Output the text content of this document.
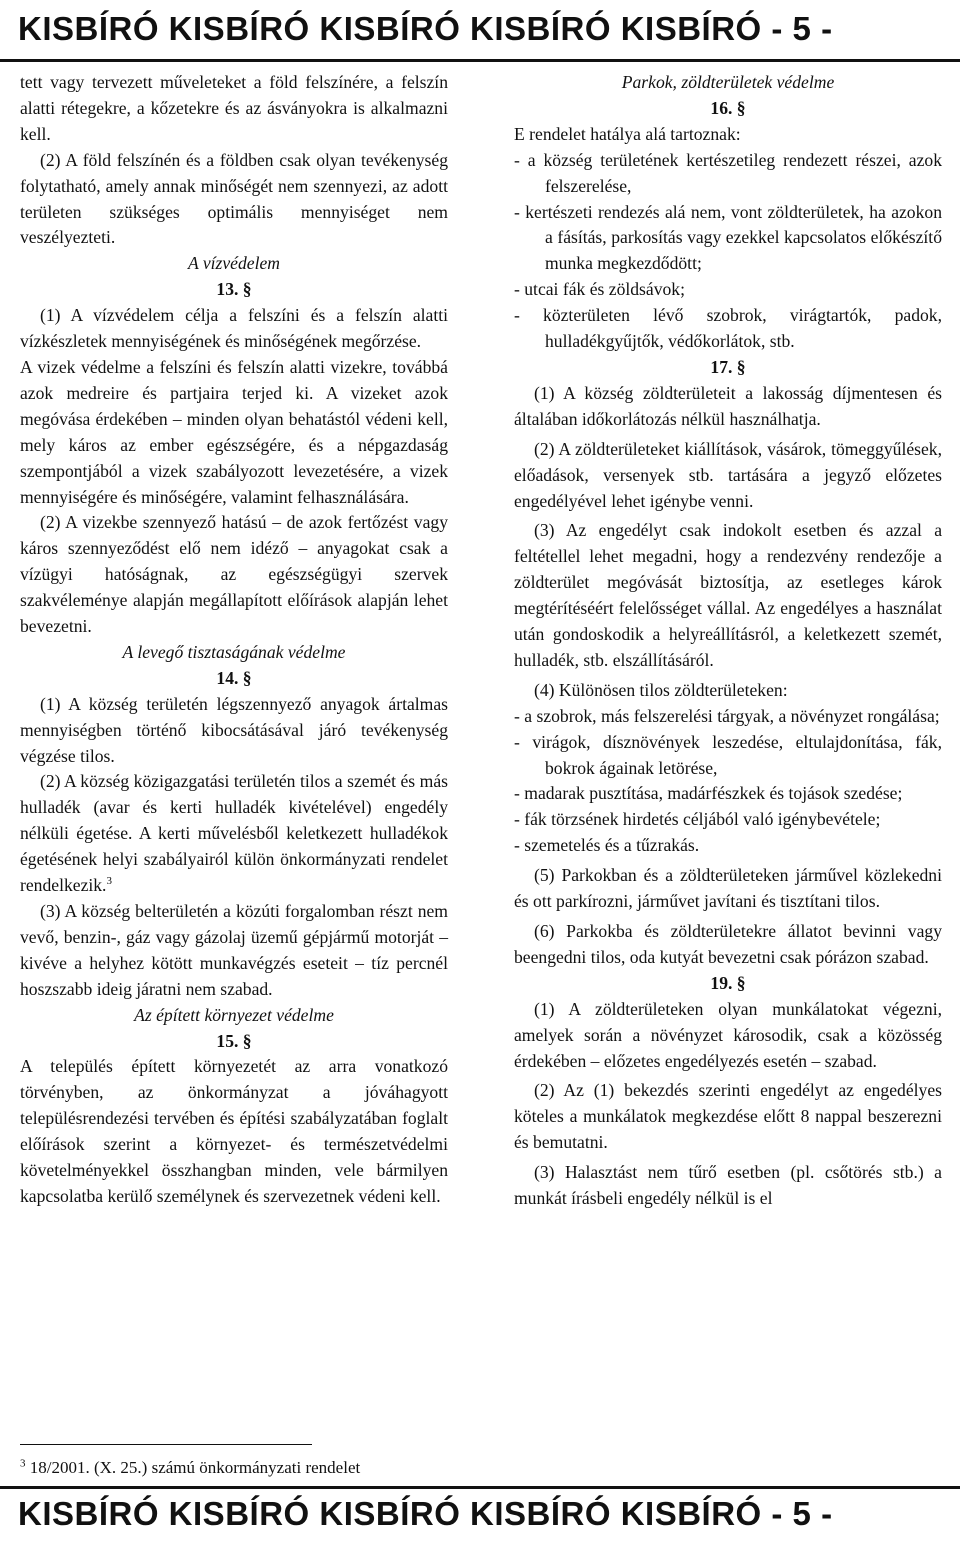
KISBÍRÓ KISBÍRÓ KISBÍRÓ KISBÍRÓ KISBÍRÓ - 5 -

tett vagy tervezett műveleteket a föld felszínére, a felszín alatti rétegekre, a kőzetekre és az ásványokra is alkalmazni kell.

(2) A föld felszínén és a földben csak olyan tevékenység folytatható, amely annak minőségét nem szennyezi, az adott területen szükséges optimális mennyiséget nem veszélyezteti.

A vízvédelem

13. §

(1) A vízvédelem célja a felszíni és a felszín alatti vízkészletek mennyiségének és minőségének megőrzése.

A vizek védelme a felszíni és felszín alatti vizekre, továbbá azok medreire és partjaira terjed ki. A vizeket azok megóvása érdekében – minden olyan behatástól védeni kell, mely káros az ember egészségére, és a népgazdaság szempontjából a vizek szabályozott levezetésére, a vizek mennyiségére és minőségére, valamint felhasználására.

(2) A vizekbe szennyező hatású – de azok fertőzést vagy káros szennyeződést elő nem idéző – anyagokat csak a vízügyi hatóságnak, az egészségügyi szervek szakvéleménye alapján megállapított előírások alapján lehet bevezetni.

A levegő tisztaságának védelme

14. §

(1) A község területén légszennyező anyagok ártalmas mennyiségben történő kibocsátásával járó tevékenység végzése tilos.

(2) A község közigazgatási területén tilos a szemét és más hulladék (avar és kerti hulladék kivételével) engedély nélküli égetése. A kerti művelésből keletkezett hulladékok égetésének helyi szabályairól külön önkormányzati rendelet rendelkezik.$^3$

(3) A község belterületén a közúti forgalomban részt nem vevő, benzin-, gáz vagy gázolaj üzemű gépjármű motorját – kivéve a helyhez kötött munkavégzés eseteit – tíz percnél hoszszabb ideig járatni nem szabad.

Az épített környezet védelme

15. §

A település épített környezetét az arra vonatkozó törvényben, az önkormányzat a jóváhagyott településrendezési tervében és építési szabályzatában foglalt előírások szerint a környezet- és természetvédelmi követelményekkel összhangban minden, vele bármilyen kapcsolatba kerülő személynek és szervezetnek védeni kell.

$^3$ 18/2001. (X. 25.) számú önkormányzati rendelet

Parkok, zöldterületek védelme

16. §

E rendelet hatálya alá tartoznak:

- a község területének kertészetileg rendezett részei, azok felszerelése,

- kertészeti rendezés alá nem, vont zöldterületek, ha azokon a fásítás, parkosítás vagy ezekkel kapcsolatos előkészítő munka megkezdődött;

- utcai fák és zöldsávok;

- közterületen lévő szobrok, virágtartók, padok, hulladékgyűjtők, védőkorlátok, stb.

17. §

(1) A község zöldterületeit a lakosság díjmentesen és általában időkorlátozás nélkül használhatja.

(2) A zöldterületeket kiállítások, vásárok, tömeggyűlések, előadások, versenyek stb. tartására a jegyző előzetes engedélyével lehet igénybe venni.

(3) Az engedélyt csak indokolt esetben és azzal a feltétellel lehet megadni, hogy a rendezvény rendezője a zöldterület megóvását biztosítja, az esetleges károk megtérítéséért felelősséget vállal. Az engedélyes a használat után gondoskodik a helyreállításról, a keletkezett szemét, hulladék, stb. elszállításáról.

(4) Különösen tilos zöldterületeken:

- a szobrok, más felszerelési tárgyak, a növényzet rongálása;

- virágok, dísznövények leszedése, eltulajdonítása, fák, bokrok ágainak letörése,

- madarak pusztítása, madárfészkek és tojások szedése;

- fák törzsének hirdetés céljából való igénybevétele;

- szemetelés és a tűzrakás.

(5) Parkokban és a zöldterületeken járművel közlekedni és ott parkírozni, járművet javítani és tisztítani tilos.

(6) Parkokba és zöldterületekre állatot bevinni vagy beengedni tilos, oda kutyát bevezetni csak pórázon szabad.

19. §

(1) A zöldterületeken olyan munkálatokat végezni, amelyek során a növényzet károsodik, csak a közösség érdekében – előzetes engedélyezés esetén – szabad.

(2) Az (1) bekezdés szerinti engedélyt az engedélyes köteles a munkálatok megkezdése előtt 8 nappal beszerezni és bemutatni.

(3) Halasztást nem tűrő esetben (pl. csőtörés stb.) a munkát írásbeli engedély nélkül is el

KISBÍRÓ KISBÍRÓ KISBÍRÓ KISBÍRÓ KISBÍRÓ - 5 -
